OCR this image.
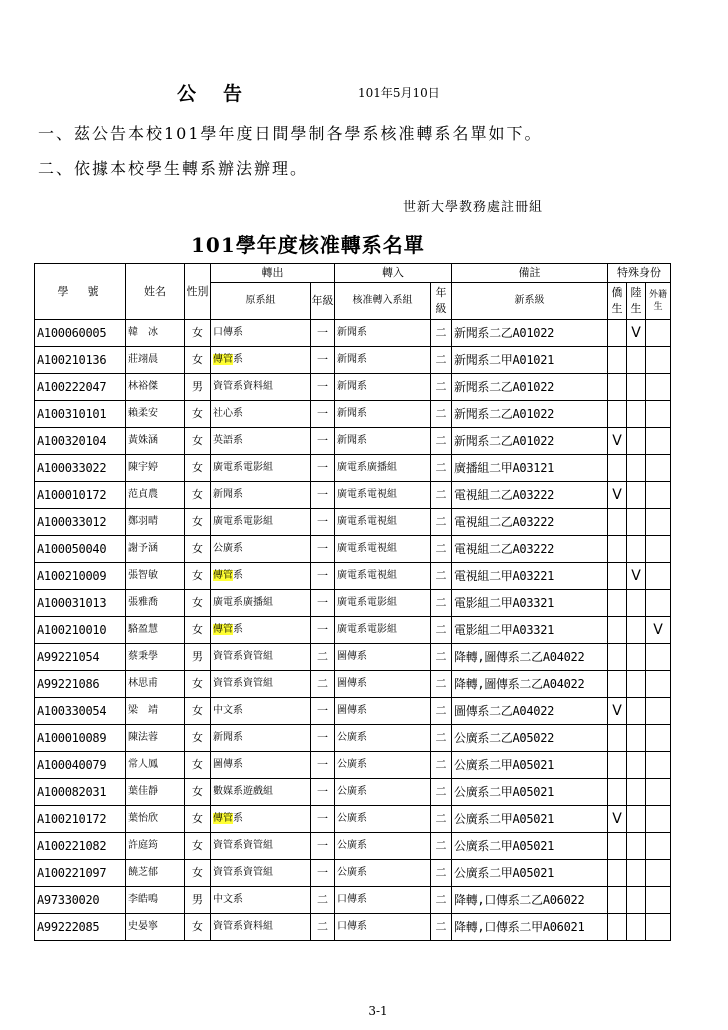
公　告	101年5月10日
一、茲公告本校101學年度日間學制各學系核准轉系名單如下。
二、依據本校學生轉系辦法辦理。
世新大學教務處註冊組
101學年度核准轉系名單
學　號	姓名	性別	轉出		轉入		備註	特殊身份		
			原系組	年級	核准轉入系組	年級	新系級	僑生	陸生	外籍生
A100060005	韓　冰	女	口傳系	一	新聞系	二	新聞系二乙A01022		V	
A100210136	莊翊晨	女	傳管系	一	新聞系	二	新聞系二甲A01021			
A100222047	林裕傑	男	資管系資料組	一	新聞系	二	新聞系二乙A01022			
A100310101	賴柔安	女	社心系	一	新聞系	二	新聞系二乙A01022			
A100320104	黃姝涵	女	英語系	一	新聞系	二	新聞系二乙A01022	V		
A100033022	陳宇婷	女	廣電系電影組	一	廣電系廣播組	二	廣播組二甲A03121			
A100010172	范貞農	女	新聞系	一	廣電系電視組	二	電視組二乙A03222	V		
A100033012	鄭羽晴	女	廣電系電影組	一	廣電系電視組	二	電視組二乙A03222			
A100050040	謝予涵	女	公廣系	一	廣電系電視組	二	電視組二乙A03222			
A100210009	張智敏	女	傳管系	一	廣電系電視組	二	電視組二甲A03221		V	
A100031013	張雅喬	女	廣電系廣播組	一	廣電系電影組	二	電影組二甲A03321			
A100210010	駱盈慧	女	傳管系	一	廣電系電影組	二	電影組二甲A03321			V
A99221054	蔡秉學	男	資管系資管組	二	圖傳系	二	降轉,圖傳系二乙A04022			
A99221086	林思甫	女	資管系資管組	二	圖傳系	二	降轉,圖傳系二乙A04022			
A100330054	梁　靖	女	中文系	一	圖傳系	二	圖傳系二乙A04022	V		
A100010089	陳法蓉	女	新聞系	一	公廣系	二	公廣系二乙A05022			
A100040079	常人鳳	女	圖傳系	一	公廣系	二	公廣系二甲A05021			
A100082031	葉佳靜	女	數媒系遊戲組	一	公廣系	二	公廣系二甲A05021			
A100210172	葉怡欣	女	傳管系	一	公廣系	二	公廣系二甲A05021	V		
A100221082	許庭筠	女	資管系資管組	一	公廣系	二	公廣系二甲A05021			
A100221097	饒芝郁	女	資管系資管組	一	公廣系	二	公廣系二甲A05021			
A97330020	李皓鳴	男	中文系	二	口傳系	二	降轉,口傳系二乙A06022			
A99222085	史晏寧	女	資管系資料組	二	口傳系	二	降轉,口傳系二甲A06021			
3-1
